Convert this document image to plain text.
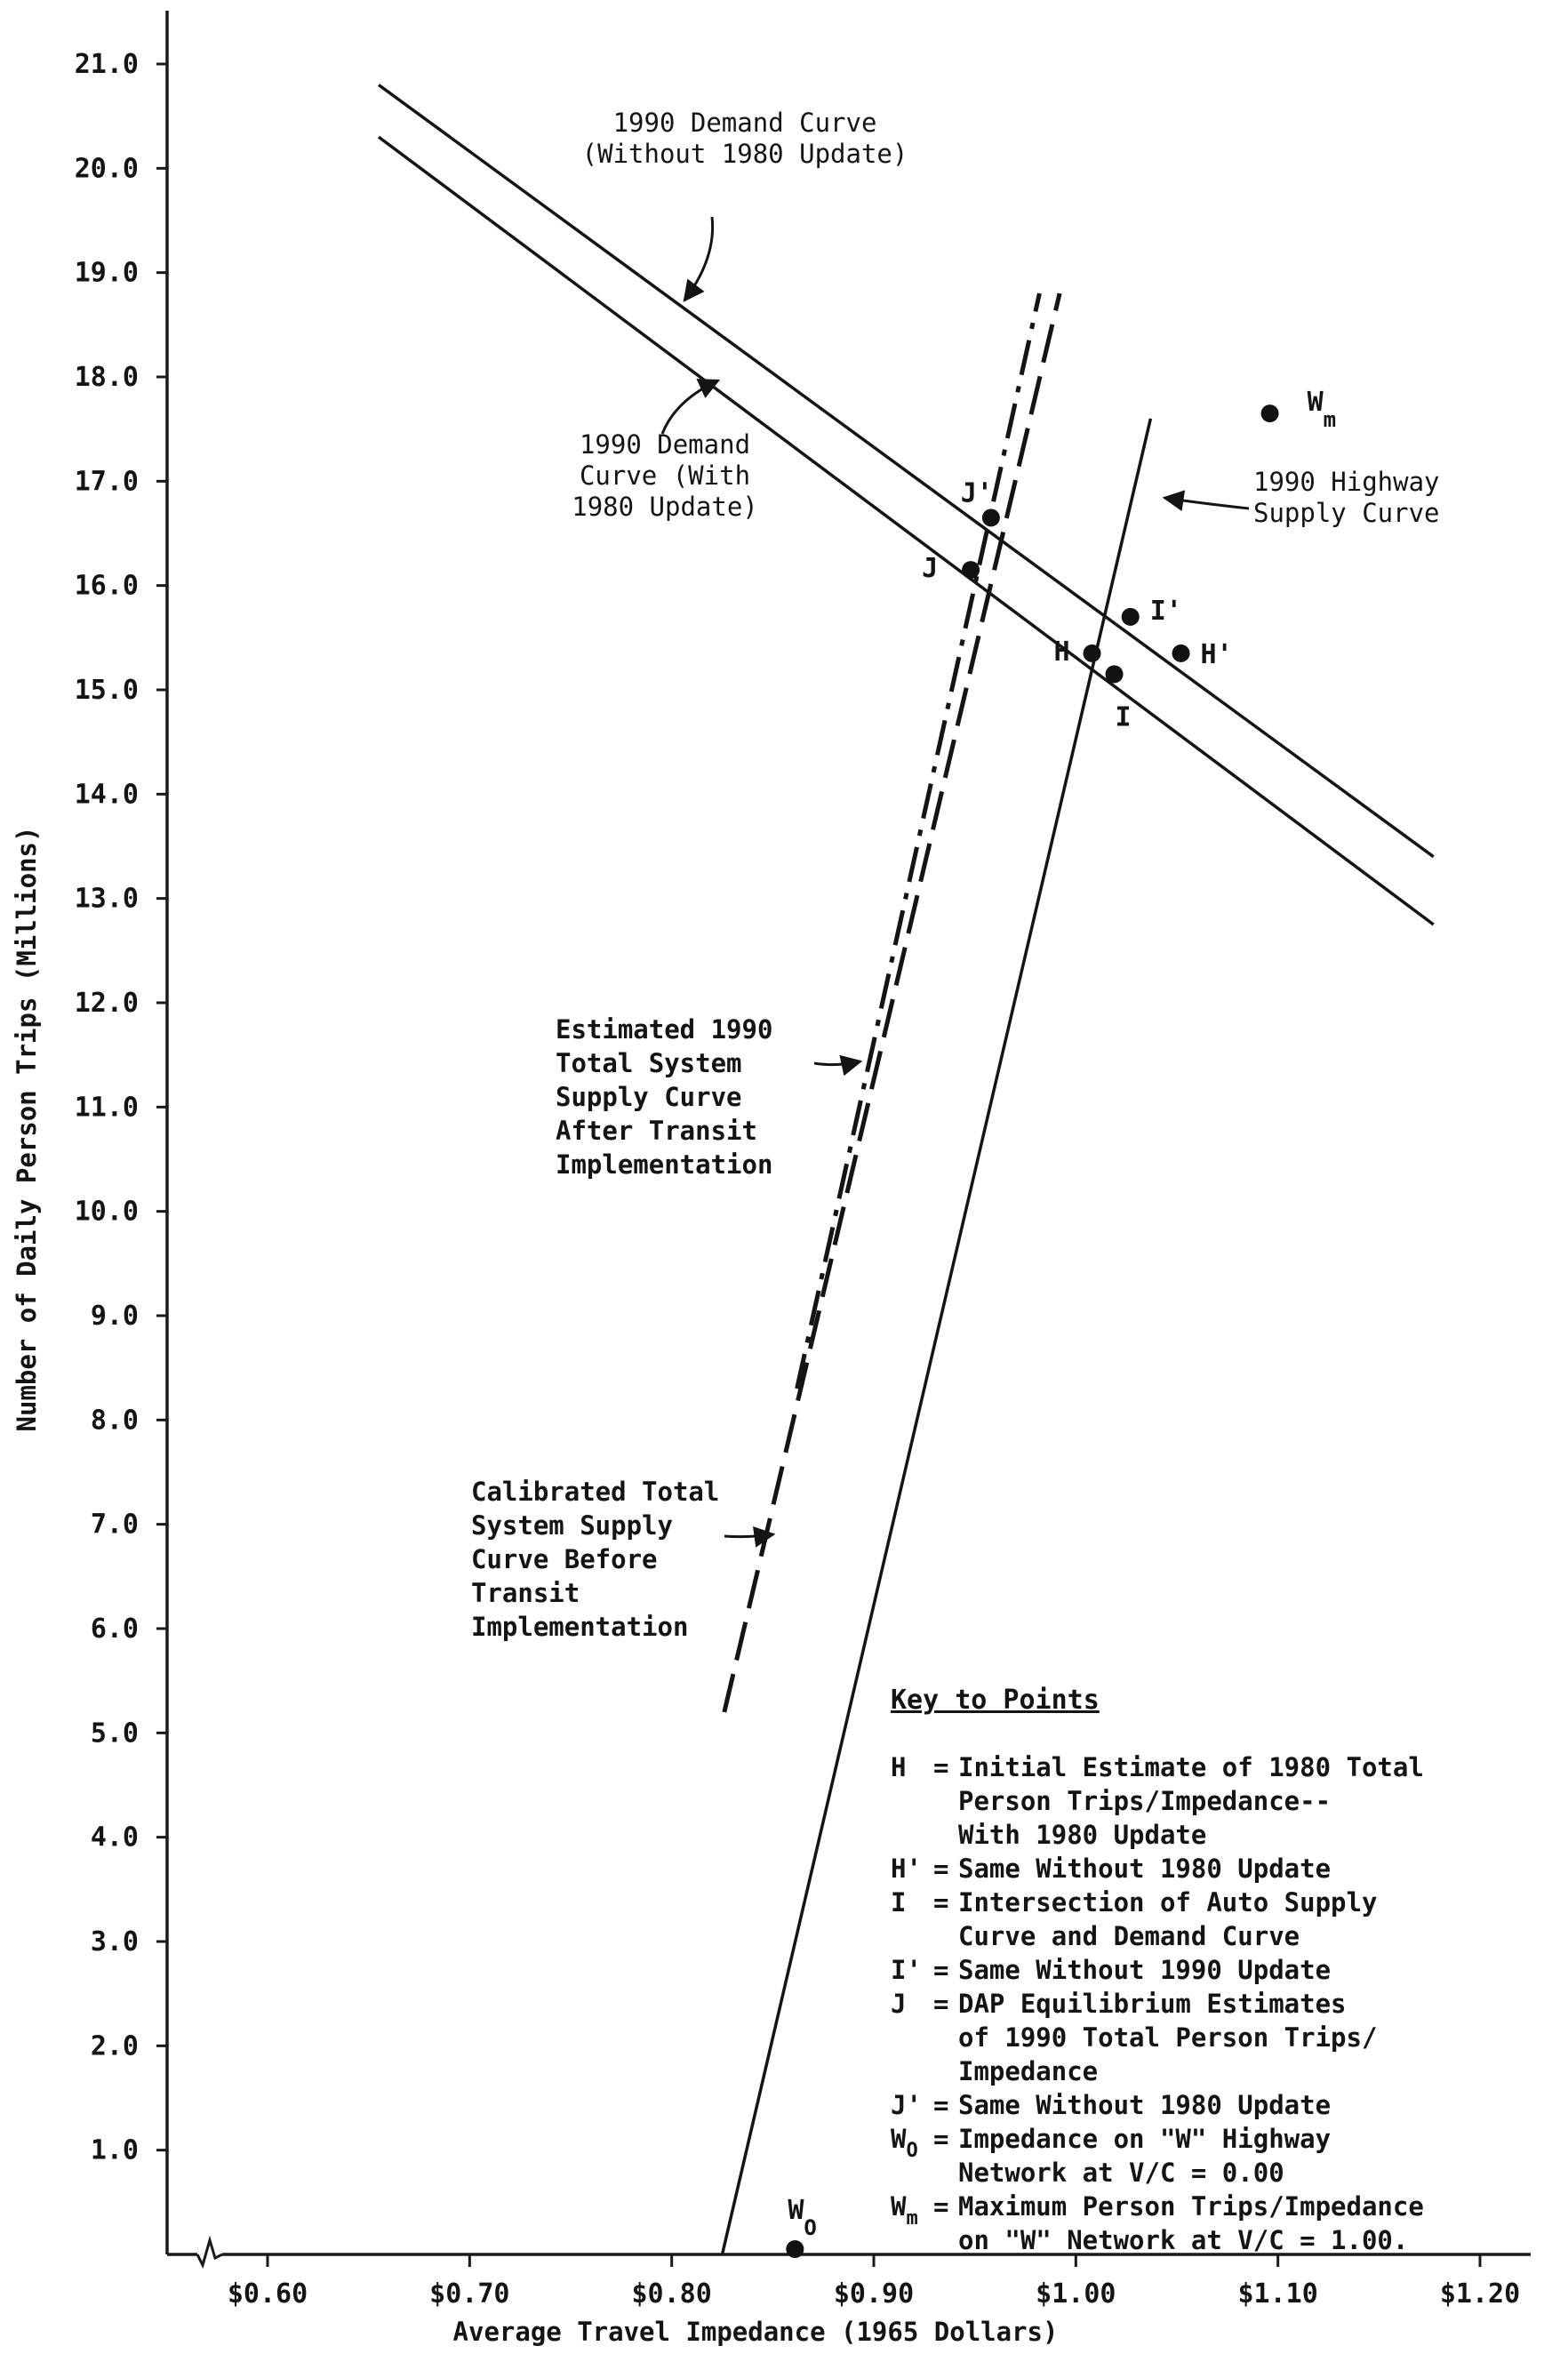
1.0
2.0
3.0
4.0
5.0
6.0
7.0
8.0
9.0
10.0
11.0
12.0
13.0
14.0
15.0
16.0
17.0
18.0
19.0
20.0
21.0
$0.60	$0.70	$0.80	$0.90	$1.00	$1.10	$1.20
H	H'
I
I'
J
J'
$W_m$
$W_O$
1990 Demand Curve (Without 1980 Update)
1990 Demand Curve (With 1980 Update)
1990 Highway Supply Curve
Estimated 1990 Total System Supply Curve After Transit Implementation
Calibrated Total System Supply Curve Before Transit Implementation
Key to Points
H = Initial Estimate of 1980 Total Person Trips/Impedance--With 1980 Update
H' = Same Without 1980 Update
I = Intersection of Auto Supply Curve and Demand Curve
I' = Same Without 1990 Update
J = DAP Equilibrium Estimates of 1990 Total Person Trips/ Impedance
J' = Same Without 1980 Update
$W_O$ = Impedance on "W" Highway Network at V/C = 0.00
$W_m$ = Maximum Person Trips/Impedance on "W" Network at V/C = 1.00.
Average Travel Impedance (1965 Dollars)
Number of Daily Person Trips (Millions)
